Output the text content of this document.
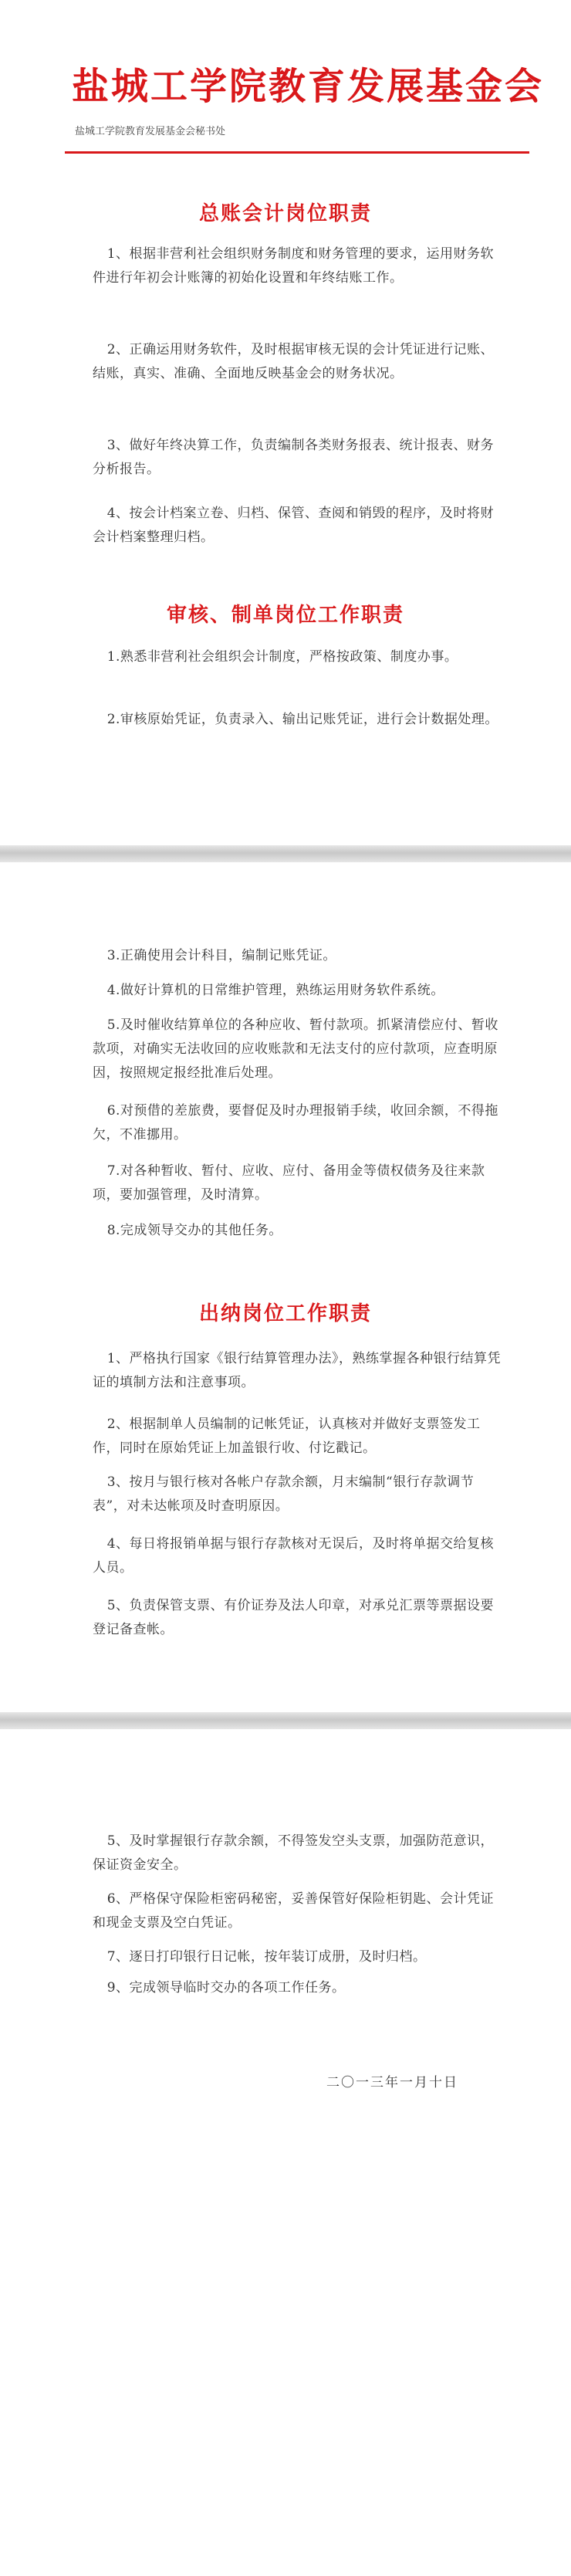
盐城工学院教育发展基金会
盐城工学院教育发展基金会秘书处
总账会计岗位职责

1、根据非营利社会组织财务制度和财务管理的要求，运用财务软件进行年初会计账簿的初始化设置和年终结账工作。

2、正确运用财务软件，及时根据审核无误的会计凭证进行记账、结账，真实、准确、全面地反映基金会的财务状况。

3、做好年终决算工作，负责编制各类财务报表、统计报表、财务分析报告。

4、按会计档案立卷、归档、保管、查阅和销毁的程序，及时将财会计档案整理归档。

审核、制单岗位工作职责

1.熟悉非营利社会组织会计制度，严格按政策、制度办事。

2.审核原始凭证，负责录入、输出记账凭证，进行会计数据处理。

3.正确使用会计科目，编制记账凭证。

4.做好计算机的日常维护管理，熟练运用财务软件系统。

5.及时催收结算单位的各种应收、暂付款项。抓紧清偿应付、暂收款项，对确实无法收回的应收账款和无法支付的应付款项，应查明原因，按照规定报经批准后处理。

6.对预借的差旅费，要督促及时办理报销手续，收回余额，不得拖欠，不准挪用。

7.对各种暂收、暂付、应收、应付、备用金等债权债务及往来款项，要加强管理，及时清算。

8.完成领导交办的其他任务。

出纳岗位工作职责

1、严格执行国家《银行结算管理办法》，熟练掌握各种银行结算凭证的填制方法和注意事项。

2、根据制单人员编制的记帐凭证，认真核对并做好支票签发工作，同时在原始凭证上加盖银行收、付讫戳记。

3、按月与银行核对各帐户存款余额，月末编制“银行存款调节表”，对未达帐项及时查明原因。

4、每日将报销单据与银行存款核对无误后，及时将单据交给复核人员。

5、负责保管支票、有价证券及法人印章，对承兑汇票等票据设要登记备查帐。

5、及时掌握银行存款余额，不得签发空头支票，加强防范意识，保证资金安全。

6、严格保守保险柜密码秘密，妥善保管好保险柜钥匙、会计凭证和现金支票及空白凭证。

7、逐日打印银行日记帐，按年装订成册，及时归档。

9、完成领导临时交办的各项工作任务。

二〇一三年一月十日
